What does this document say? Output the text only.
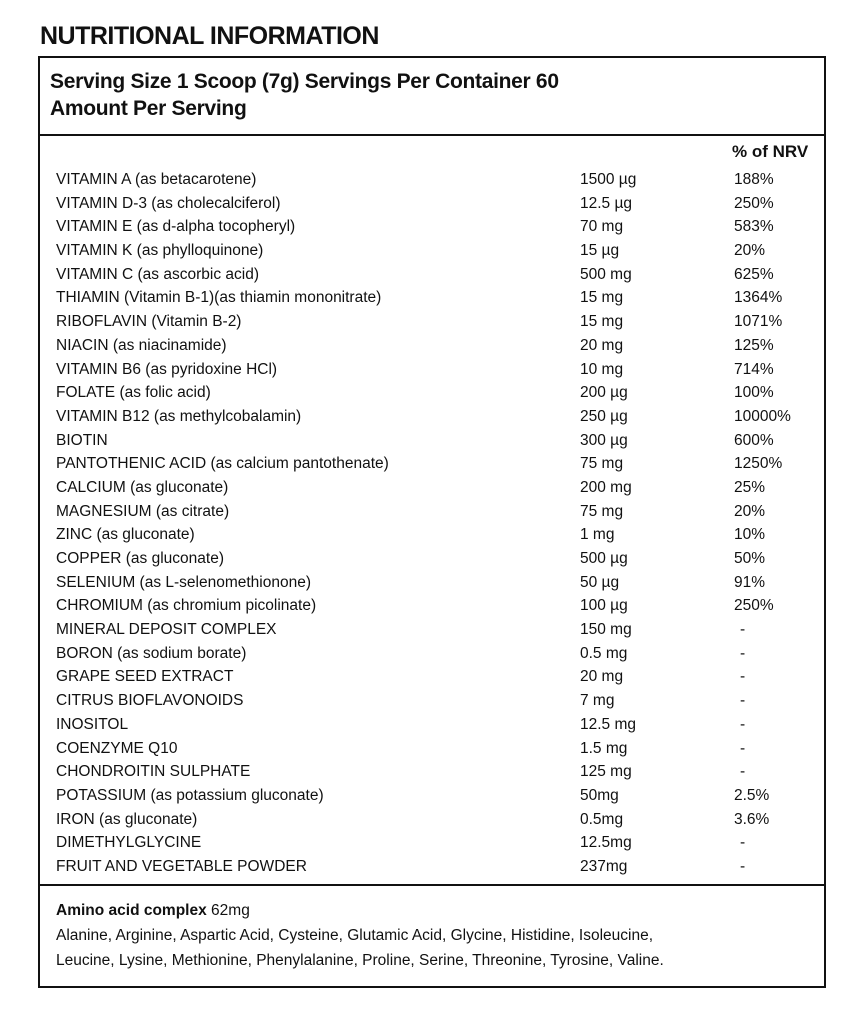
NUTRITIONAL INFORMATION
Serving Size 1 Scoop (7g) Servings Per Container 60
Amount Per Serving
% of NRV
VITAMIN A (as betacarotene)	1500 µg	188%
VITAMIN D-3 (as cholecalciferol)	12.5 µg	250%
VITAMIN E (as d-alpha tocopheryl)	70 mg	583%
VITAMIN K (as phylloquinone)	15 µg	20%
VITAMIN C (as ascorbic acid)	500 mg	625%
THIAMIN (Vitamin B-1)(as thiamin mononitrate)	15 mg	1364%
RIBOFLAVIN (Vitamin B-2)	15 mg	1071%
NIACIN (as niacinamide)	20 mg	125%
VITAMIN B6 (as pyridoxine HCl)	10 mg	714%
FOLATE (as folic acid)	200 µg	100%
VITAMIN B12 (as methylcobalamin)	250 µg	10000%
BIOTIN	300 µg	600%
PANTOTHENIC ACID (as calcium pantothenate)	75 mg	1250%
CALCIUM (as gluconate)	200 mg	25%
MAGNESIUM (as citrate)	75 mg	20%
ZINC (as gluconate)	1 mg	10%
COPPER (as gluconate)	500 µg	50%
SELENIUM (as L-selenomethionone)	50 µg	91%
CHROMIUM (as chromium picolinate)	100 µg	250%
MINERAL DEPOSIT COMPLEX	150 mg	-
BORON (as sodium borate)	0.5 mg	-
GRAPE SEED EXTRACT	20 mg	-
CITRUS BIOFLAVONOIDS	7 mg	-
INOSITOL	12.5 mg	-
COENZYME Q10	1.5 mg	-
CHONDROITIN SULPHATE	125 mg	-
POTASSIUM (as potassium gluconate)	50mg	2.5%
IRON (as gluconate)	0.5mg	3.6%
DIMETHYLGLYCINE	12.5mg	-
FRUIT AND VEGETABLE POWDER	237mg	-
Amino acid complex 62mg
Alanine, Arginine, Aspartic Acid, Cysteine, Glutamic Acid, Glycine, Histidine, Isoleucine,
Leucine, Lysine, Methionine, Phenylalanine, Proline, Serine, Threonine, Tyrosine, Valine.
